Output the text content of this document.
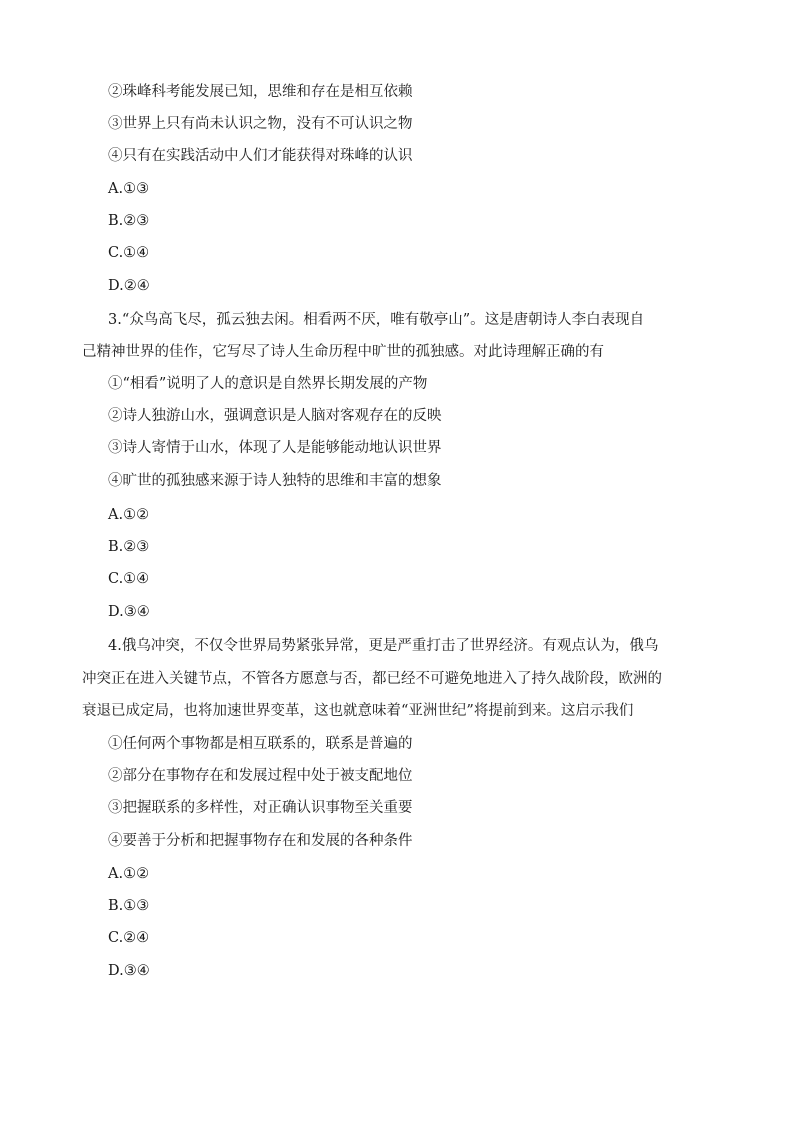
②珠峰科考能发展已知，思维和存在是相互依赖
③世界上只有尚未认识之物，没有不可认识之物
④只有在实践活动中人们才能获得对珠峰的认识
A.①③
B.②③
C.①④
D.②④
3.“众鸟高飞尽，孤云独去闲。相看两不厌，唯有敬亭山”。这是唐朝诗人李白表现自
己精神世界的佳作，它写尽了诗人生命历程中旷世的孤独感。对此诗理解正确的有
①“相看”说明了人的意识是自然界长期发展的产物
②诗人独游山水，强调意识是人脑对客观存在的反映
③诗人寄情于山水，体现了人是能够能动地认识世界
④旷世的孤独感来源于诗人独特的思维和丰富的想象
A.①②
B.②③
C.①④
D.③④
4.俄乌冲突，不仅令世界局势紧张异常，更是严重打击了世界经济。有观点认为，俄乌
冲突正在进入关键节点，不管各方愿意与否，都已经不可避免地进入了持久战阶段，欧洲的
衰退已成定局，也将加速世界变革，这也就意味着“亚洲世纪”将提前到来。这启示我们
①任何两个事物都是相互联系的，联系是普遍的
②部分在事物存在和发展过程中处于被支配地位
③把握联系的多样性，对正确认识事物至关重要
④要善于分析和把握事物存在和发展的各种条件
A.①②
B.①③
C.②④
D.③④
